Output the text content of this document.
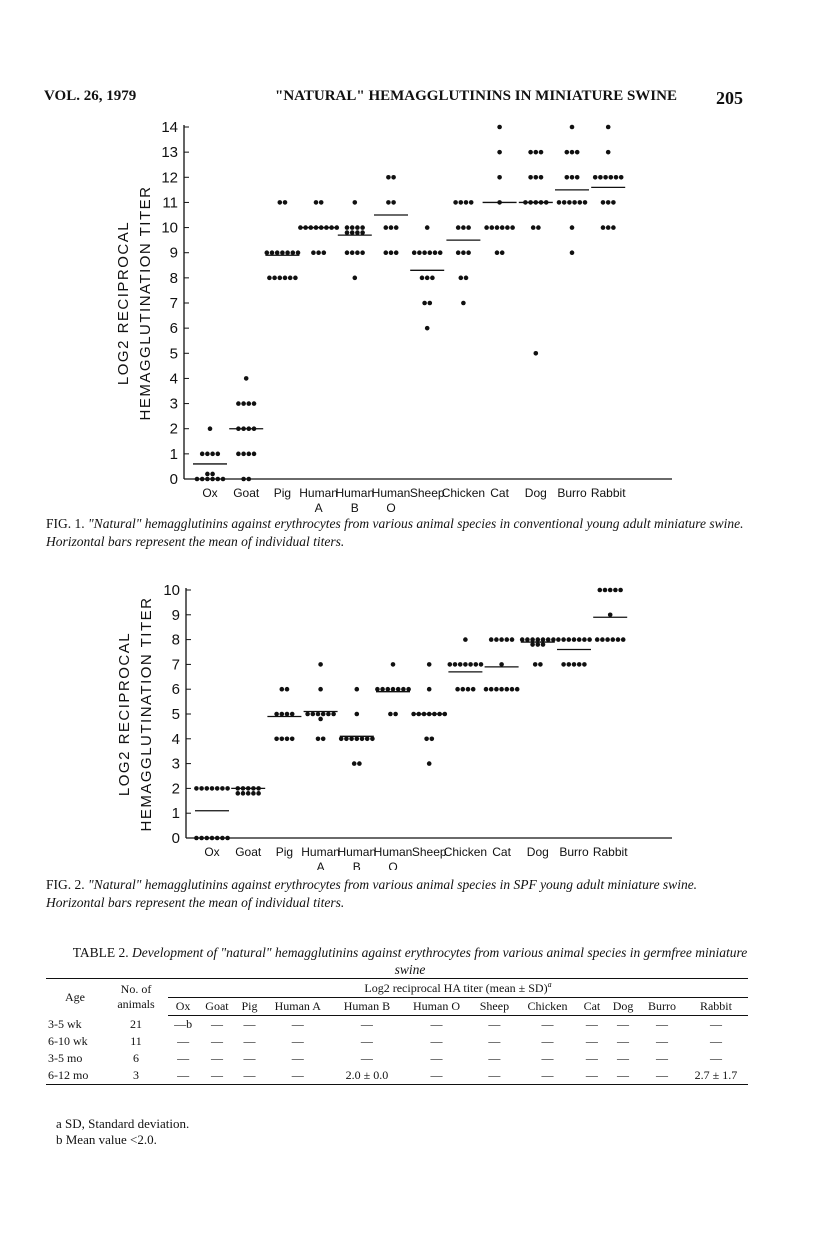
VOL. 26, 1979	"NATURAL" HEMAGGLUTININS IN MINIATURE SWINE 205
0
1
2
3
4
5
6
7
8
9
10
11
12
13
14
LOG2 RECIPROCAL HEMAGGLUTINATION TITER
Ox Goat Pig Human
A
Human
B
Human
O
Sheep
Chicken Cat Dog Burro Rabbit
FIG. 1. "Natural" hemagglutinins against erythrocytes from various animal species in conventional young adult miniature swine. Horizontal bars represent the mean of individual titers.
0
1
2
3
4
5
6
7
8
9
10
LOG2 RECIPROCAL HEMAGGLUTINATION TITER
Ox Goat Pig Human
A
Human
B
Human
O
Sheep
Chicken Cat Dog Burro Rabbit
FIG. 2. "Natural" hemagglutinins against erythrocytes from various animal species in SPF young adult miniature swine. Horizontal bars represent the mean of individual titers.
TABLE 2. Development of "natural" hemagglutinins against erythrocytes from various animal species in germfree miniature swine
Age	No. of animals	Log2 reciprocal HA titer (mean ± SD)$^a$
		Ox	Goat	Pig	Human A	Human B	Human O	Sheep	Chicken	Cat	Dog	Burro	Rabbit
3-5 wk	21	—b	—	—	—	—	—	—	—	—	—	—	—
6-10 wk	11	—	—	—	—	—	—	—	—	—	—	—	—
3-5 mo	6	—	—	—	—	—	—	—	—	—	—	—	—
6-12 mo	3	—	—	—	—	2.0 ± 0.0	—	—	—	—	—	—	2.7 ± 1.7
a SD, Standard deviation.
b Mean value <2.0.
